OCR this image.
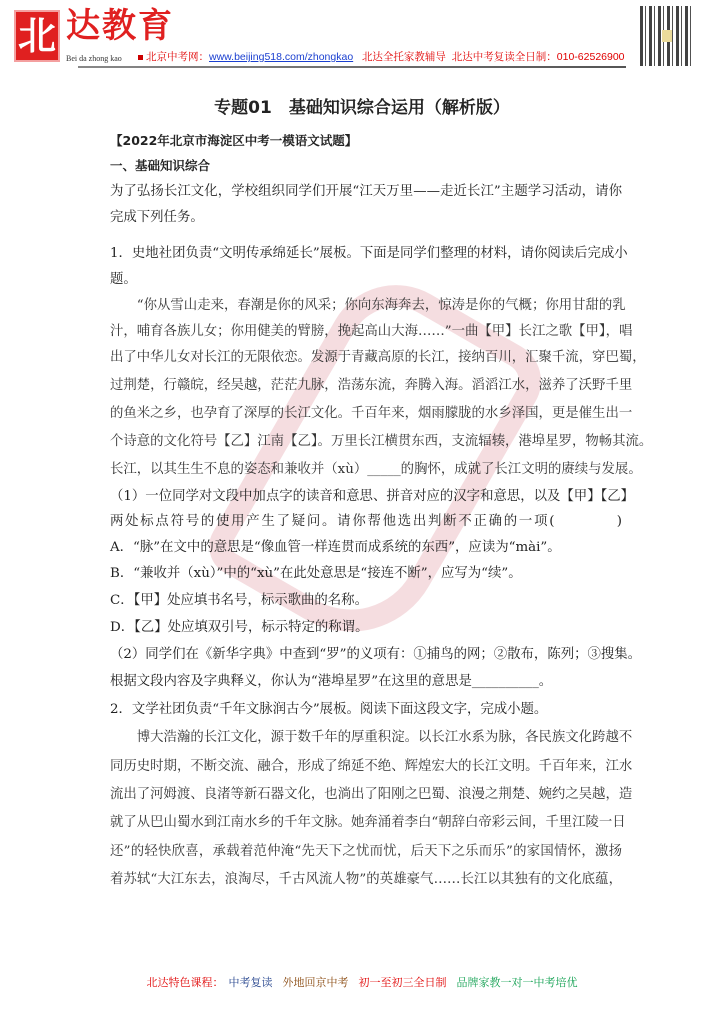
北 达教育
Bei da zhong kao	北京中考网：www.beijing518.com/zhongkao 北达全托家教辅导 北达中考复读全日制：010-62526900
专题01　基础知识综合运用（解析版）
【2022年北京市海淀区中考一模语文试题】
一、基础知识综合
为了弘扬长江文化，学校组织同学们开展“江天万里——走近长江”主题学习活动，请你
完成下列任务。
1．史地社团负责“文明传承绵延长”展板。下面是同学们整理的材料，请你阅读后完成小
题。
　　“你从雪山走来，春潮是你的风采；你向东海奔去，惊涛是你的气概；你用甘甜的乳
汁，哺育各族儿女；你用健美的臂膀，挽起高山大海……”一曲【甲】长江之歌【甲】，唱
出了中华儿女对长江的无限依恋。发源于青藏高原的长江，接纳百川，汇聚千流，穿巴蜀，
过荆楚，行赣皖，经吴越，茫茫九脉，浩荡东流，奔腾入海。滔滔江水，滋养了沃野千里
的鱼米之乡，也孕育了深厚的长江文化。千百年来，烟雨朦胧的水乡泽国，更是催生出一
个诗意的文化符号【乙】江南【乙】。万里长江横贯东西，支流辐辏，港埠星罗，物畅其流。
长江，以其生生不息的姿态和兼收并（xù）_____的胸怀，成就了长江文明的赓续与发展。
（1）一位同学对文段中加点字的读音和意思、拼音对应的汉字和意思，以及【甲】【乙】
两处标点符号的使用产生了疑问。请你帮他选出判断不正确的一项(　　　　)
A．“脉”在文中的意思是“像血管一样连贯而成系统的东西”，应读为“mài”。
B．“兼收并（xù）”中的“xù”在此处意思是“接连不断”，应写为“续”。
C．【甲】处应填书名号，标示歌曲的名称。
D．【乙】处应填双引号，标示特定的称谓。
（2）同学们在《新华字典》中查到“罗”的义项有：①捕鸟的网；②散布，陈列；③搜集。
根据文段内容及字典释义，你认为“港埠星罗”在这里的意思是__________。
2．文学社团负责“千年文脉润古今”展板。阅读下面这段文字，完成小题。
　　博大浩瀚的长江文化，源于数千年的厚重积淀。以长江水系为脉，各民族文化跨越不
同历史时期，不断交流、融合，形成了绵延不绝、辉煌宏大的长江文明。千百年来，江水
流出了河姆渡、良渚等新石器文化，也淌出了阳刚之巴蜀、浪漫之荆楚、婉约之吴越，造
就了从巴山蜀水到江南水乡的千年文脉。她奔涌着李白“朝辞白帝彩云间，千里江陵一日
还”的轻快欣喜，承载着范仲淹“先天下之忧而忧，后天下之乐而乐”的家国情怀，激扬
着苏轼“大江东去，浪淘尽，千古风流人物”的英雄豪气……长江以其独有的文化底蕴，
北达特色课程： 中考复读 外地回京中考 初一至初三全日制 品牌家教一对一中考培优
